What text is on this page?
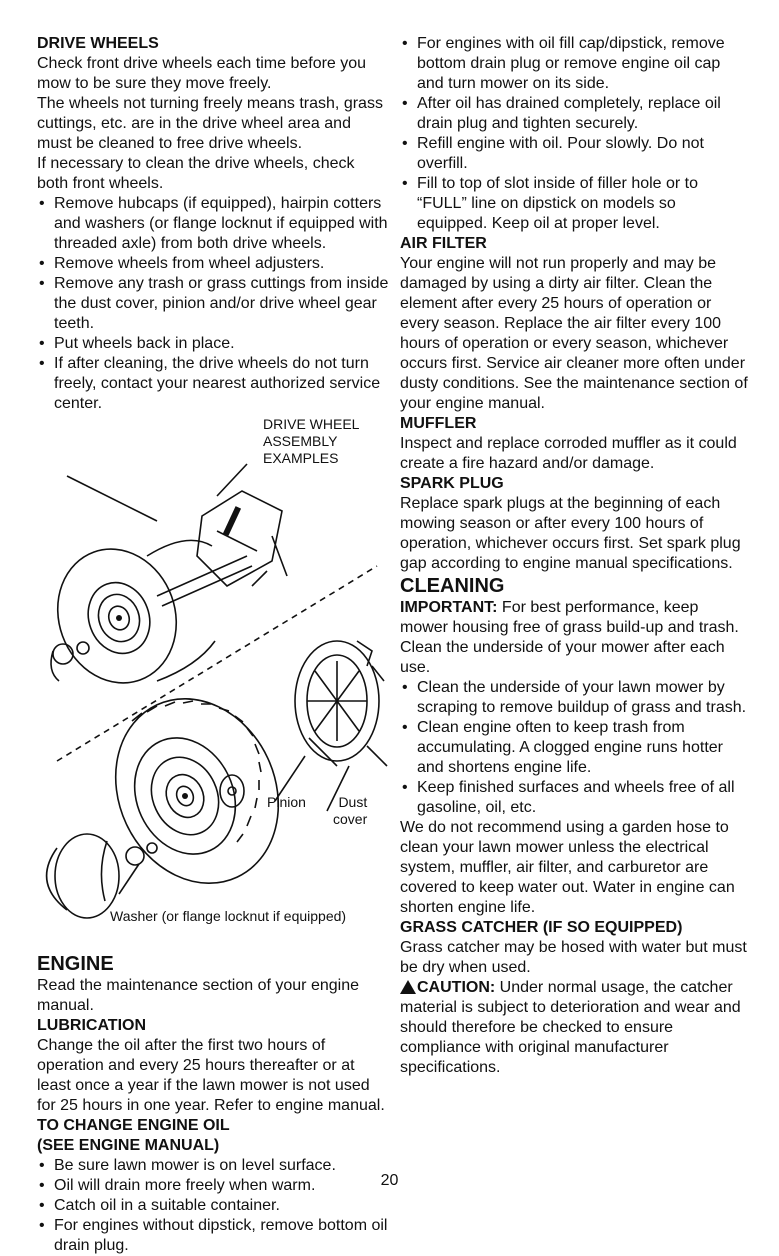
DRIVE WHEELS

Check front drive wheels each time before you mow to be sure they move freely.

The wheels not turning freely means trash, grass cuttings, etc. are in the drive wheel area and must be cleaned to free drive wheels.

If necessary to clean the drive wheels, check both front wheels.

• Remove hubcaps (if equipped), hairpin cotters and washers (or flange locknut if equipped with threaded axle) from both drive wheels.
• Remove wheels from wheel adjusters.
• Remove any trash or grass cuttings from inside the dust cover, pinion and/or drive wheel gear teeth.
• Put wheels back in place.
• If after cleaning, the drive wheels do not turn freely, contact your nearest authorized service center.
DRIVE WHEEL
ASSEMBLY
EXAMPLES
Pinion	Dust
cover
Washer (or flange locknut if equipped)
ENGINE

Read the maintenance section of your engine manual.

LUBRICATION

Change the oil after the first two hours of operation and every 25 hours thereafter or at least once a year if the lawn mower is not used for 25 hours in one year. Refer to engine manual.

TO CHANGE ENGINE OIL
(SEE ENGINE MANUAL)
• Be sure lawn mower is on level surface.
• Oil will drain more freely when warm.
• Catch oil in a suitable container.
• For engines without dipstick, remove bottom oil drain plug.
• For engines with oil fill cap/dipstick, remove bottom drain plug or remove engine oil cap and turn mower on its side.
• After oil has drained completely, replace oil drain plug and tighten securely.
• Refill engine with oil. Pour slowly. Do not overfill.
• Fill to top of slot inside of filler hole or to “FULL” line on dipstick on models so equipped. Keep oil at proper level.
AIR FILTER

Your engine will not run properly and may be damaged by using a dirty air filter. Clean the element after every 25 hours of operation or every season. Replace the air filter every 100 hours of operation or every season, whichever occurs first. Service air cleaner more often under dusty conditions. See the maintenance section of your engine manual.

MUFFLER

Inspect and replace corroded muffler as it could create a fire hazard and/or damage.

SPARK PLUG

Replace spark plugs at the beginning of each mowing season or after every 100 hours of operation, whichever occurs first. Set spark plug gap according to engine manual specifications.

CLEANING

IMPORTANT: For best performance, keep mower housing free of grass build-up and trash. Clean the underside of your mower after each use.

• Clean the underside of your lawn mower by scraping to remove buildup of grass and trash.
• Clean engine often to keep trash from accumulating. A clogged engine runs hotter and shortens engine life.
• Keep finished surfaces and wheels free of all gasoline, oil, etc.

We do not recommend using a garden hose to clean your lawn mower unless the electrical system, muffler, air filter, and carburetor are covered to keep water out. Water in engine can shorten engine life.

GRASS CATCHER (IF SO EQUIPPED)

Grass catcher may be hosed with water but must be dry when used.

CAUTION: Under normal usage, the catcher material is subject to deterioration and wear and should therefore be checked to ensure compliance with original manufacturer specifications.

20
